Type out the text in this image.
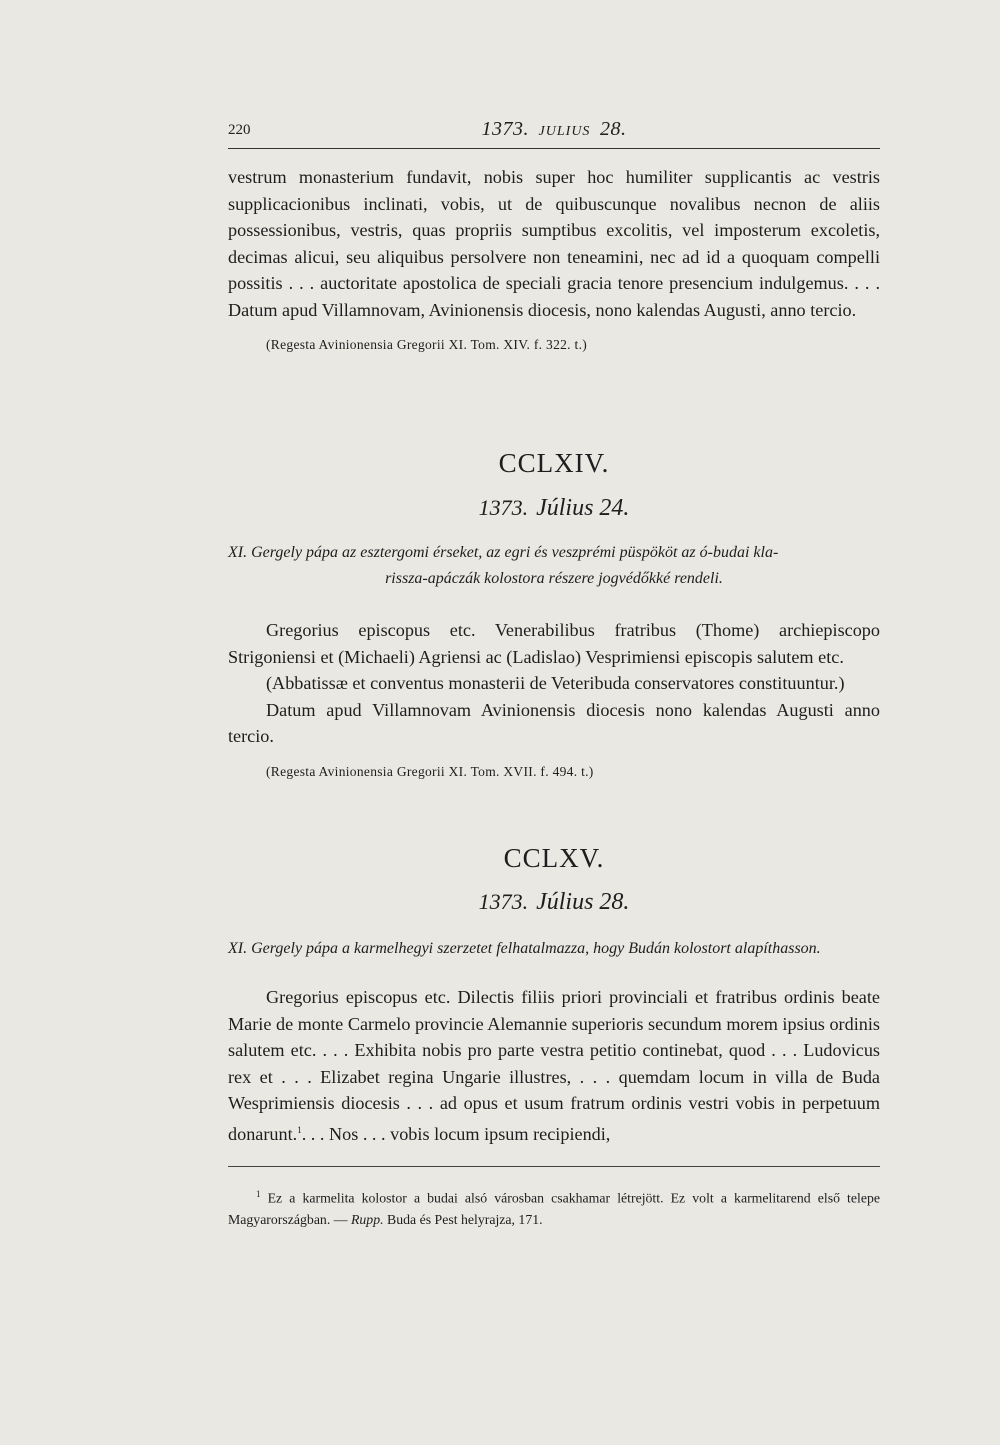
220	1373. JULIUS 28.

vestrum monasterium fundavit, nobis super hoc humiliter supplicantis ac vestris supplicacionibus inclinati, vobis, ut de quibuscunque novalibus necnon de aliis possessionibus, vestris, quas propriis sumptibus excolitis, vel imposterum excoletis, decimas alicui, seu aliquibus persolvere non teneamini, nec ad id a quoquam compelli possitis . . . auctoritate apostolica de speciali gracia tenore presencium indulgemus. . . . Datum apud Villamnovam, Avinionensis diocesis, nono kalendas Augusti, anno tercio.

(Regesta Avinionensia Gregorii XI. Tom. XIV. f. 322. t.)

CCLXIV.
1373. Július 24.
XI. Gergely pápa az esztergomi érseket, az egri és veszprémi püspököt az ó-budai kla-
rissza-apáczák kolostora részere jogvédőkké rendeli.

Gregorius episcopus etc. Venerabilibus fratribus (Thome) archiepiscopo Strigoniensi et (Michaeli) Agriensi ac (Ladislao) Vesprimiensi episcopis salutem etc.

(Abbatissæ et conventus monasterii de Veteribuda conservatores constituuntur.)

Datum apud Villamnovam Avinionensis diocesis nono kalendas Augusti anno tercio.

(Regesta Avinionensia Gregorii XI. Tom. XVII. f. 494. t.)

CCLXV.
1373. Július 28.
XI. Gergely pápa a karmelhegyi szerzetet felhatalmazza, hogy Budán kolostort alapíthasson.

Gregorius episcopus etc. Dilectis filiis priori provinciali et fratribus ordinis beate Marie de monte Carmelo provincie Alemannie superioris secundum morem ipsius ordinis salutem etc. . . . Exhibita nobis pro parte vestra petitio continebat, quod . . . Ludovicus rex et . . . Elizabet regina Ungarie illustres, . . . quemdam locum in villa de Buda Wesprimiensis diocesis . . . ad opus et usum fratrum ordinis vestri vobis in perpetuum donarunt.$^1$. . . Nos . . . vobis locum ipsum recipiendi,

$^1$ Ez a karmelita kolostor a budai alsó városban csakhamar létrejött. Ez volt a karmelitarend első telepe Magyarországban. — Rupp. Buda és Pest helyrajza, 171.
